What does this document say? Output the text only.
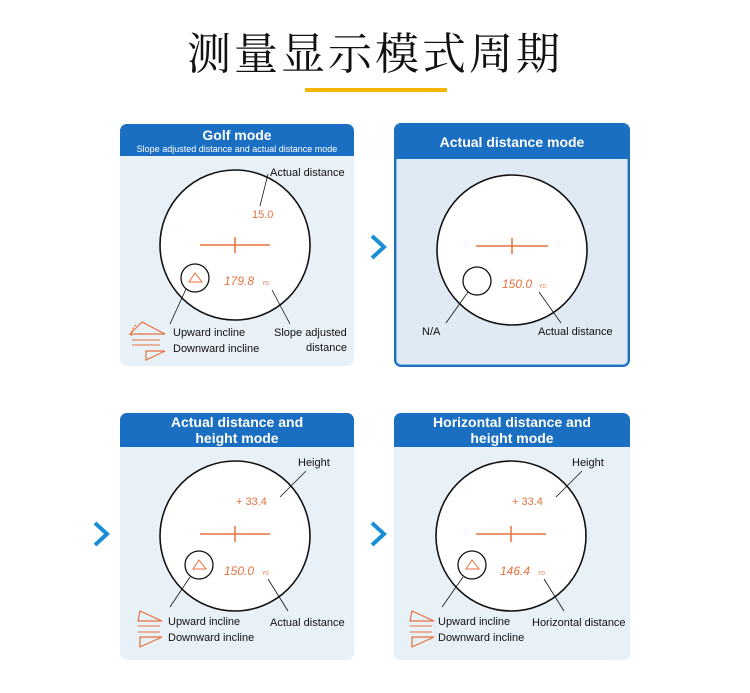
测量显示模式周期
Golf mode
Slope adjusted distance and actual distance mode
15.0
179.8 YD
Actual distance
Slope adjusted
distance
Upward incline
Downward incline
Actual distance mode
150.0 YD
N/A	Actual distance
Actual distance and
height mode
+ 33.4
150.0 YD
Height
Actual distance
Upward incline
Downward incline
Horizontal distance and
height mode
+ 33.4
146.4 YD
Height
Horizontal distance
Upward incline
Downward incline
